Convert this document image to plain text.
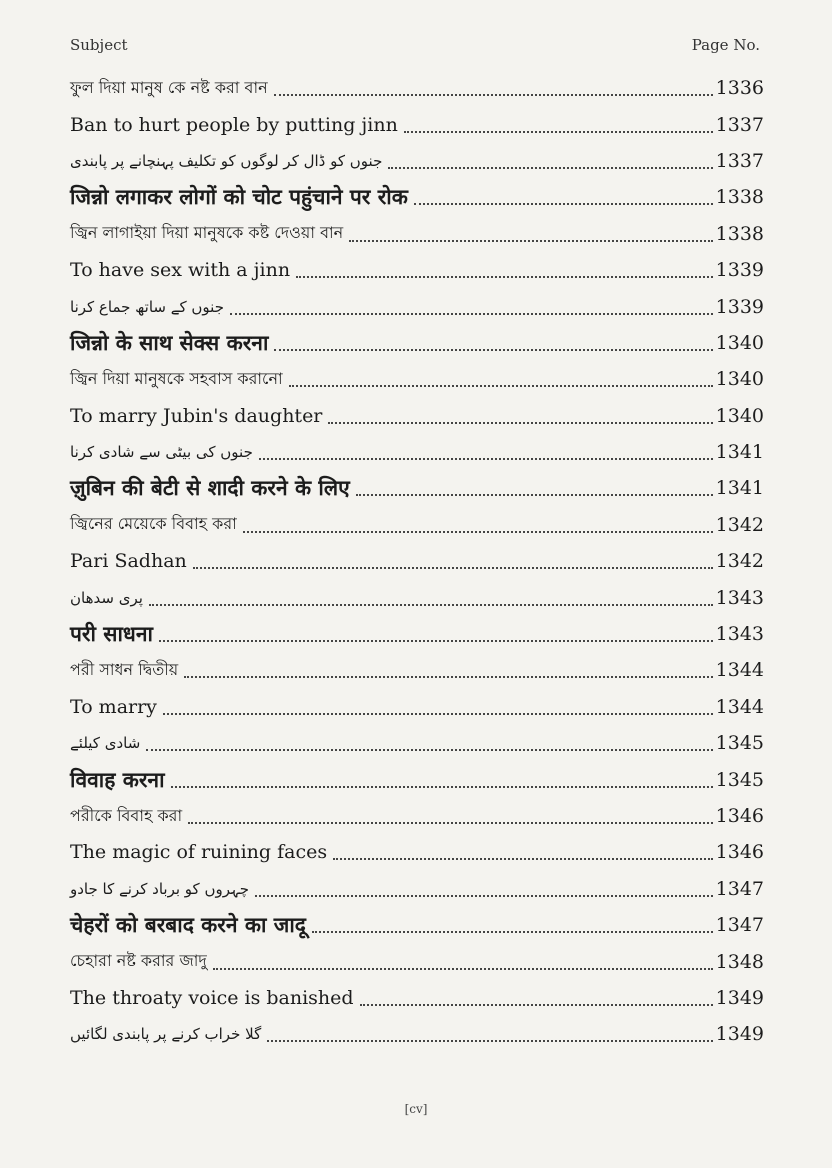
Subject	Page No.
ফুল দিয়া মানুষ কে নষ্ট করা বান	1336
Ban to hurt people by putting jinn	1337
جنوں کو ڈال کر لوگوں کو تکلیف پہنچانے پر پابندی	1337
जिन्नो लगाकर लोगों को चोट पहुंचाने पर रोक	1338
জ্বিন লাগাইয়া দিয়া মানুষকে কষ্ট দেওয়া বান	1338
To have sex with a jinn	1339
جنوں کے ساتھ جماع کرنا	1339
जिन्नो के साथ सेक्स करना	1340
জ্বিন দিয়া মানুষকে সহবাস করানো	1340
To marry Jubin's daughter	1340
جنوں کی بیٹی سے شادی کرنا	1341
ज़ुबिन की बेटी से शादी करने के लिए	1341
জ্বিনের মেয়েকে বিবাহ করা	1342
Pari Sadhan	1342
پری سدھان	1343
परी साधना	1343
পরী সাধন দ্বিতীয়	1344
To marry	1344
شادی کیلئے	1345
विवाह करना	1345
পরীকে বিবাহ করা	1346
The magic of ruining faces	1346
چہروں کو برباد کرنے کا جادو	1347
चेहरों को बरबाद करने का जादू	1347
চেহারা নষ্ট করার জাদু	1348
The throaty voice is banished	1349
گلا خراب کرنے پر پابندی لگائیں	1349
[cv]
